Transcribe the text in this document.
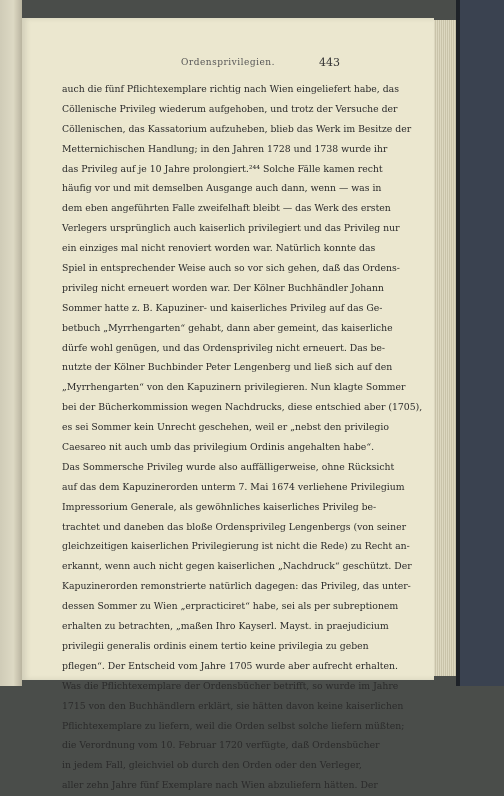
Ordensprivilegien.	443
auch die fünf Pflichtexemplare richtig nach Wien eingeliefert habe, das
Cöllenische Privileg wiederum aufgehoben, und trotz der Versuche der
Cöllenischen, das Kassatorium aufzuheben, blieb das Werk im Besitze der
Metternichischen Handlung; in den Jahren 1728 und 1738 wurde ihr
das Privileg auf je 10 Jahre prolongiert.²⁴⁴ Solche Fälle kamen recht
häufig vor und mit demselben Ausgange auch dann, wenn — was in
dem eben angeführten Falle zweifelhaft bleibt — das Werk des ersten
Verlegers ursprünglich auch kaiserlich privilegiert und das Privileg nur
ein einziges mal nicht renoviert worden war. Natürlich konnte das
Spiel in entsprechender Weise auch so vor sich gehen, daß das Ordens-
privileg nicht erneuert worden war. Der Kölner Buchhändler Johann
Sommer hatte z. B. Kapuziner- und kaiserliches Privileg auf das Ge-
betbuch „Myrrhengarten“ gehabt, dann aber gemeint, das kaiserliche
dürfe wohl genügen, und das Ordensprivileg nicht erneuert. Das be-
nutzte der Kölner Buchbinder Peter Lengenberg und ließ sich auf den
„Myrrhengarten“ von den Kapuzinern privilegieren. Nun klagte Sommer
bei der Bücherkommission wegen Nachdrucks, diese entschied aber (1705),
es sei Sommer kein Unrecht geschehen, weil er „nebst den privilegio
Caesareo nit auch umb das privilegium Ordinis angehalten habe“.
Das Sommersche Privileg wurde also auffälligerweise, ohne Rücksicht
auf das dem Kapuzinerorden unterm 7. Mai 1674 verliehene Privilegium
Impressorium Generale, als gewöhnliches kaiserliches Privileg be-
trachtet und daneben das bloße Ordensprivileg Lengenbergs (von seiner
gleichzeitigen kaiserlichen Privilegierung ist nicht die Rede) zu Recht an-
erkannt, wenn auch nicht gegen kaiserlichen „Nachdruck“ geschützt. Der
Kapuzinerorden remonstrierte natürlich dagegen: das Privileg, das unter-
dessen Sommer zu Wien „erpracticiret“ habe, sei als per subreptionem
erhalten zu betrachten, „maßen Ihro Kayserl. Mayst. in praejudicium
privilegii generalis ordinis einem tertio keine privilegia zu geben
pflegen“. Der Entscheid vom Jahre 1705 wurde aber aufrecht erhalten.
Was die Pflichtexemplare der Ordensbücher betrifft, so wurde im Jahre
1715 von den Buchhändlern erklärt, sie hätten davon keine kaiserlichen
Pflichtexemplare zu liefern, weil die Orden selbst solche liefern müßten;
die Verordnung vom 10. Februar 1720 verfügte, daß Ordensbücher
in jedem Fall, gleichviel ob durch den Orden oder den Verleger,
aller zehn Jahre fünf Exemplare nach Wien abzuliefern hätten. Der
